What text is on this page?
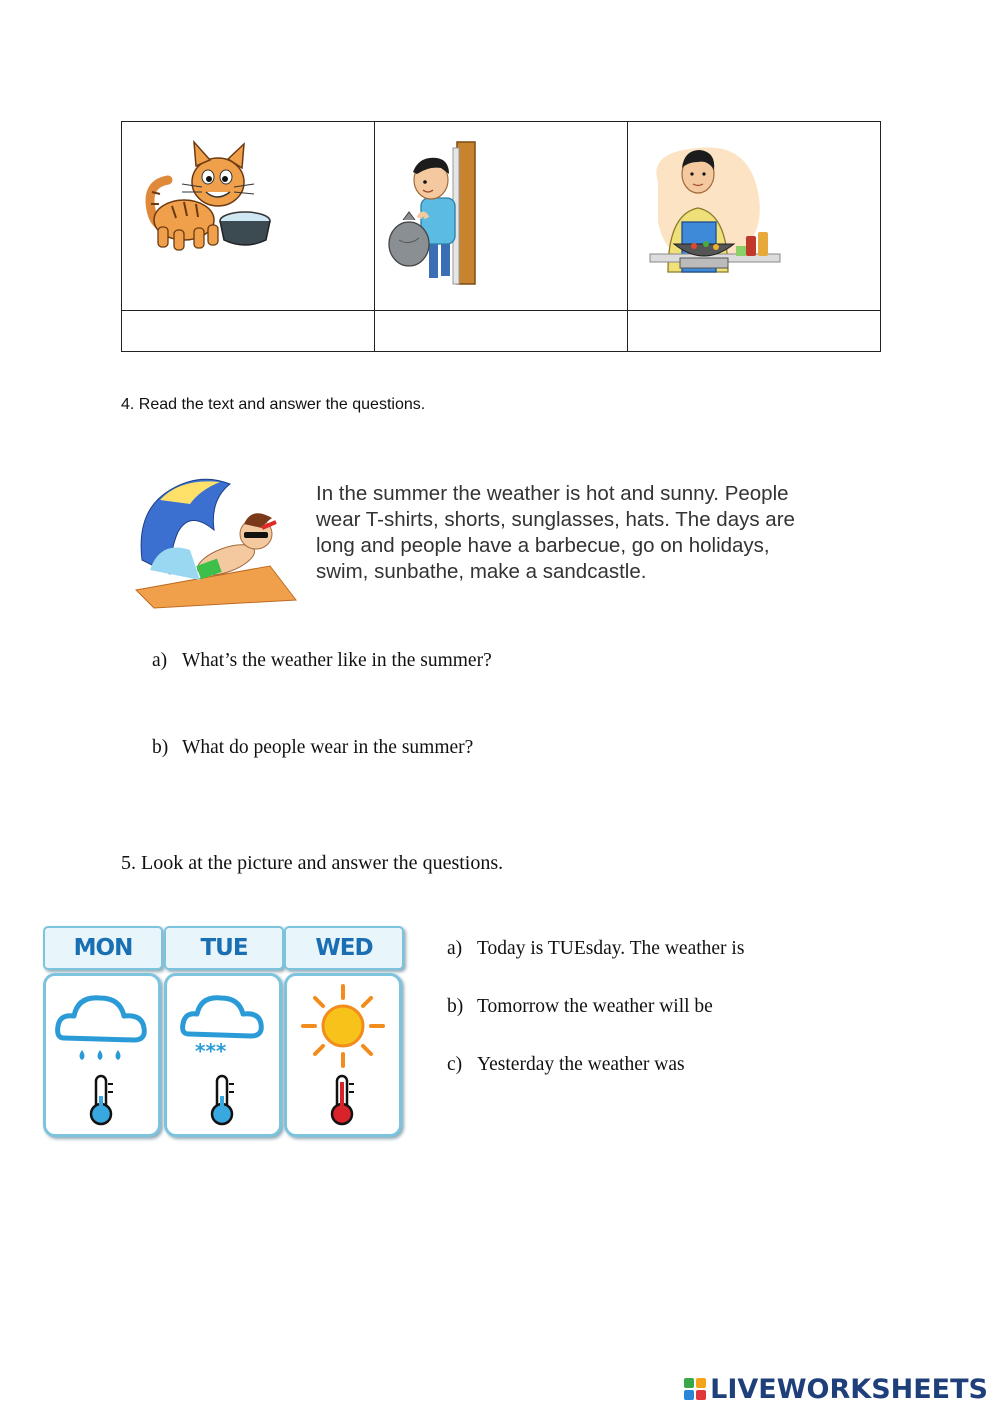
4. Read the text and answer the questions.
In the summer the weather is hot and sunny. People
wear T-shirts, shorts, sunglasses, hats. The days are
long and people have a barbecue, go on holidays,
swim, sunbathe, make a sandcastle.
a) What’s the weather like in the summer?
b) What do people wear in the summer?
5. Look at the picture and answer the questions.
MON	TUE	WED
***
a) Today is TUEsday. The weather is
b) Tomorrow the weather will be
c) Yesterday the weather was
LIVEWORKSHEETS
